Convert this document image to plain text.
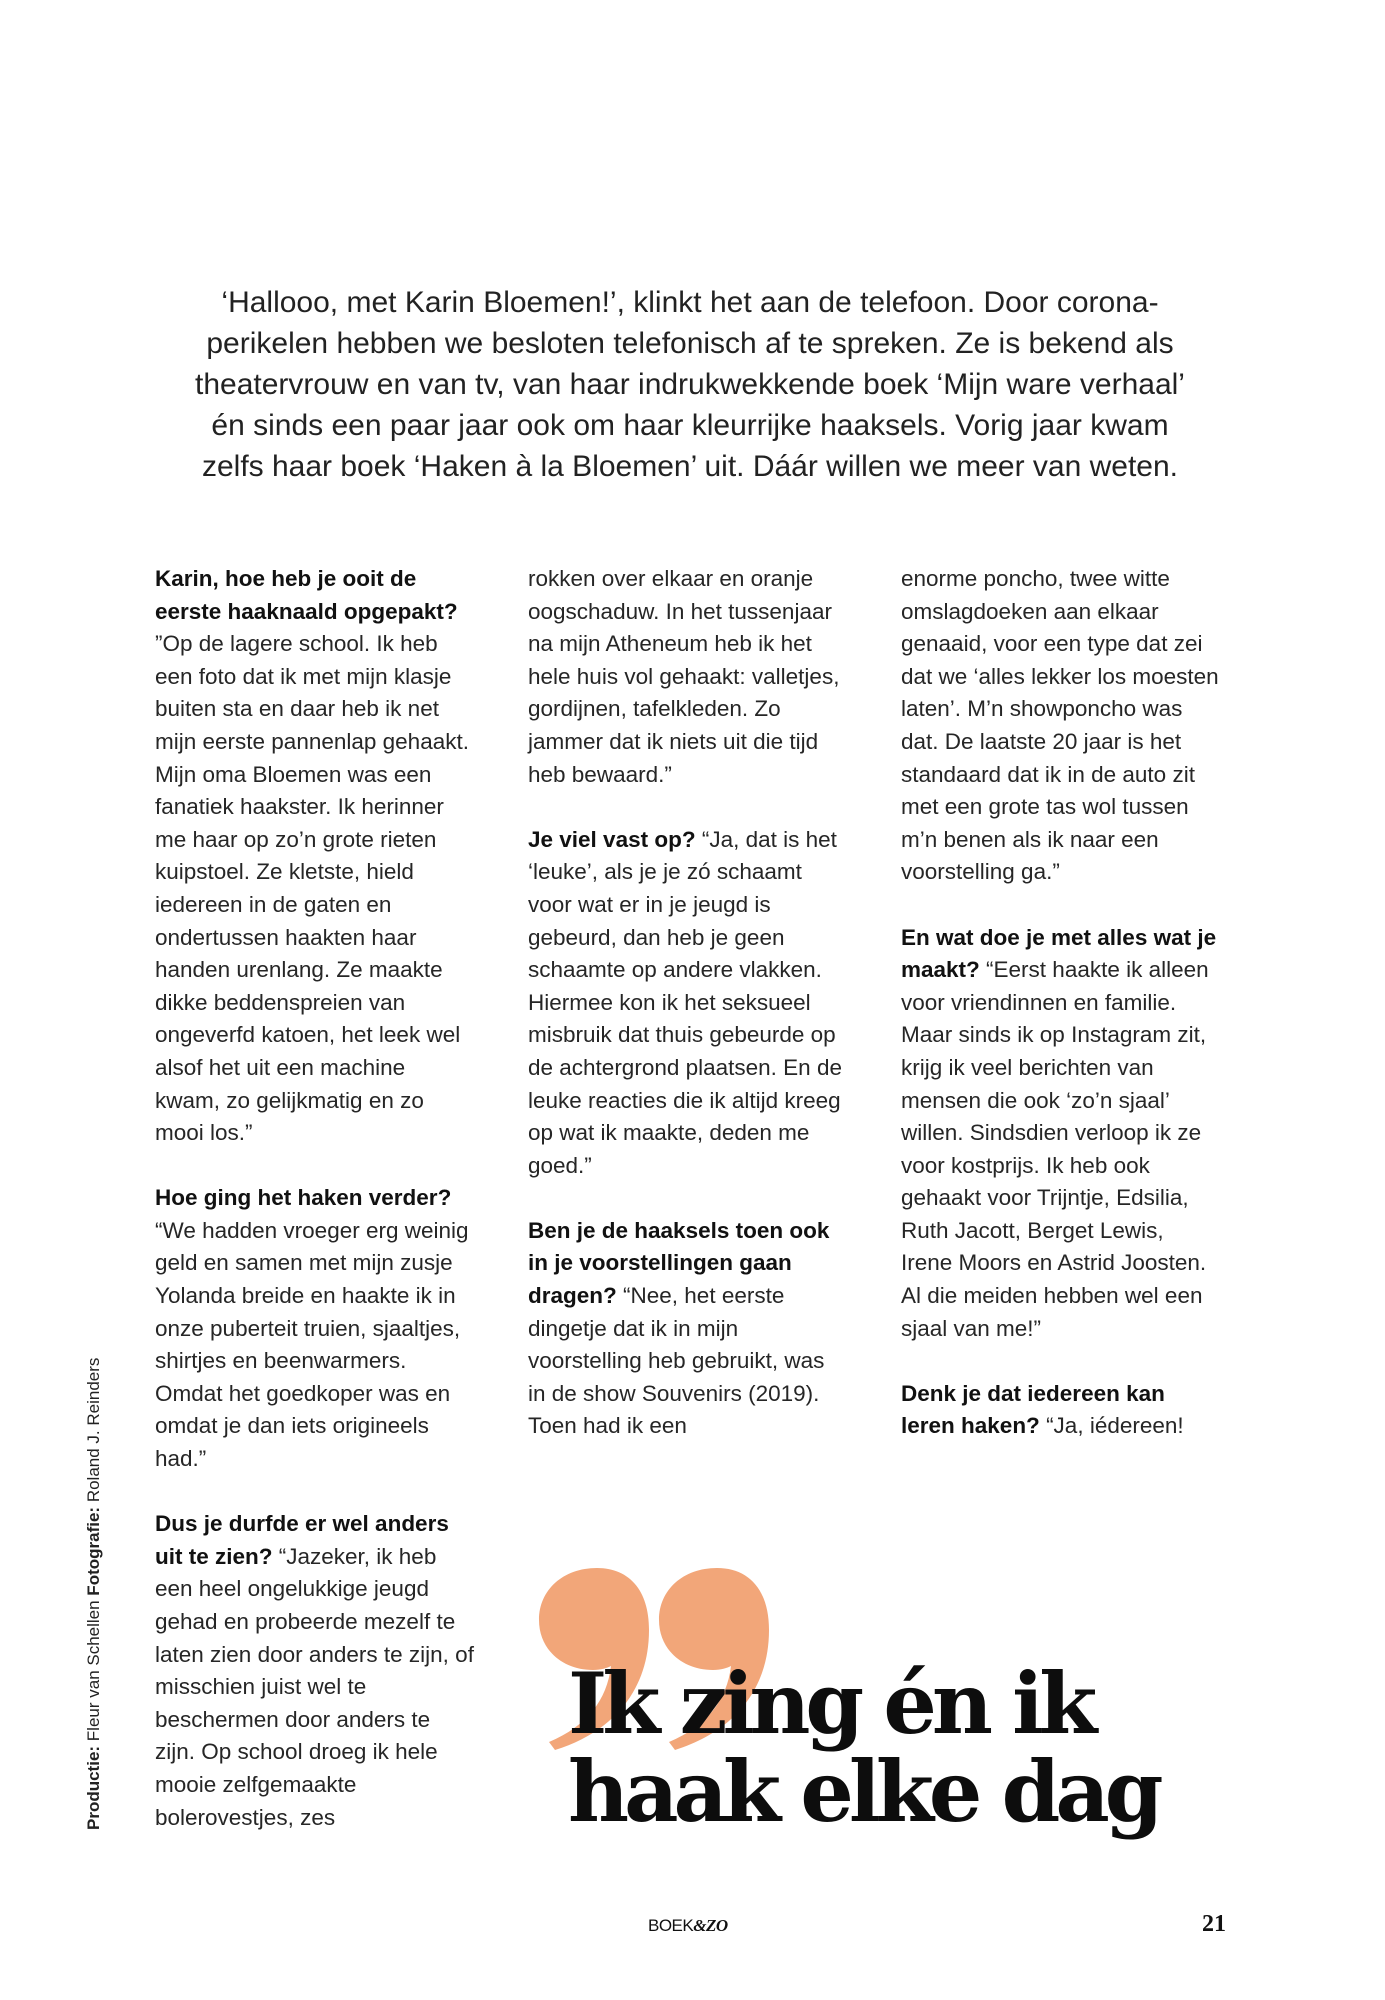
‘Hallooo, met Karin Bloemen!’, klinkt het aan de telefoon. Door corona-

perikelen hebben we besloten telefonisch af te spreken. Ze is bekend als

theatervrouw en van tv, van haar indrukwekkende boek ‘Mijn ware verhaal’

én sinds een paar jaar ook om haar kleurrijke haaksels. Vorig jaar kwam

zelfs haar boek ‘Haken à la Bloemen’ uit. Dáár willen we meer van weten.

Karin, hoe heb je ooit de eerste haaknaald opgepakt? ”Op de lagere school. Ik heb een foto dat ik met mijn klasje buiten sta en daar heb ik net mijn eerste pannenlap gehaakt. Mijn oma Bloemen was een fanatiek haakster. Ik herinner me haar op zo’n grote rieten kuipstoel. Ze kletste, hield iedereen in de gaten en ondertussen haakten haar handen urenlang. Ze maakte dikke beddenspreien van ongeverfd katoen, het leek wel alsof het uit een machine kwam, zo gelijkmatig en zo mooi los.”

Hoe ging het haken verder? “We hadden vroeger erg weinig geld en samen met mijn zusje Yolanda breide en haakte ik in onze puberteit truien, sjaaltjes, shirtjes en beenwarmers. Omdat het goedkoper was en omdat je dan iets origineels had.”

Dus je durfde er wel anders uit te zien? “Jazeker, ik heb een heel ongelukkige jeugd gehad en probeerde mezelf te laten zien door anders te zijn, of misschien juist wel te beschermen door anders te zijn. Op school droeg ik hele mooie zelfgemaakte bolerovestjes, zes

rokken over elkaar en oranje oogschaduw. In het tussenjaar na mijn Atheneum heb ik het hele huis vol gehaakt: valletjes, gordijnen, tafelkleden. Zo jammer dat ik niets uit die tijd heb bewaard.”

Je viel vast op? “Ja, dat is het ‘leuke’, als je je zó schaamt voor wat er in je jeugd is gebeurd, dan heb je geen schaamte op andere vlakken. Hiermee kon ik het seksueel misbruik dat thuis gebeurde op de achtergrond plaatsen. En de leuke reacties die ik altijd kreeg op wat ik maakte, deden me goed.”

Ben je de haaksels toen ook in je voorstellingen gaan dragen? “Nee, het eerste dingetje dat ik in mijn voorstelling heb gebruikt, was in de show Souvenirs (2019). Toen had ik een

enorme poncho, twee witte omslagdoeken aan elkaar genaaid, voor een type dat zei dat we ‘alles lekker los moesten laten’. M’n showponcho was dat. De laatste 20 jaar is het standaard dat ik in de auto zit met een grote tas wol tussen m’n benen als ik naar een voorstelling ga.”

En wat doe je met alles wat je maakt? “Eerst haakte ik alleen voor vriendinnen en familie. Maar sinds ik op Instagram zit, krijg ik veel berichten van mensen die ook ‘zo’n sjaal’ willen. Sindsdien verloop ik ze voor kostprijs. Ik heb ook gehaakt voor Trijntje, Edsilia, Ruth Jacott, Berget Lewis, Irene Moors en Astrid Joosten. Al die meiden hebben wel een sjaal van me!”

Denk je dat iedereen kan leren haken? “Ja, iédereen!

Productie: Fleur van Schellen Fotografie: Roland J. Reinders
Ik zing én ik
haak elke dag
BOEK&ZO	21
